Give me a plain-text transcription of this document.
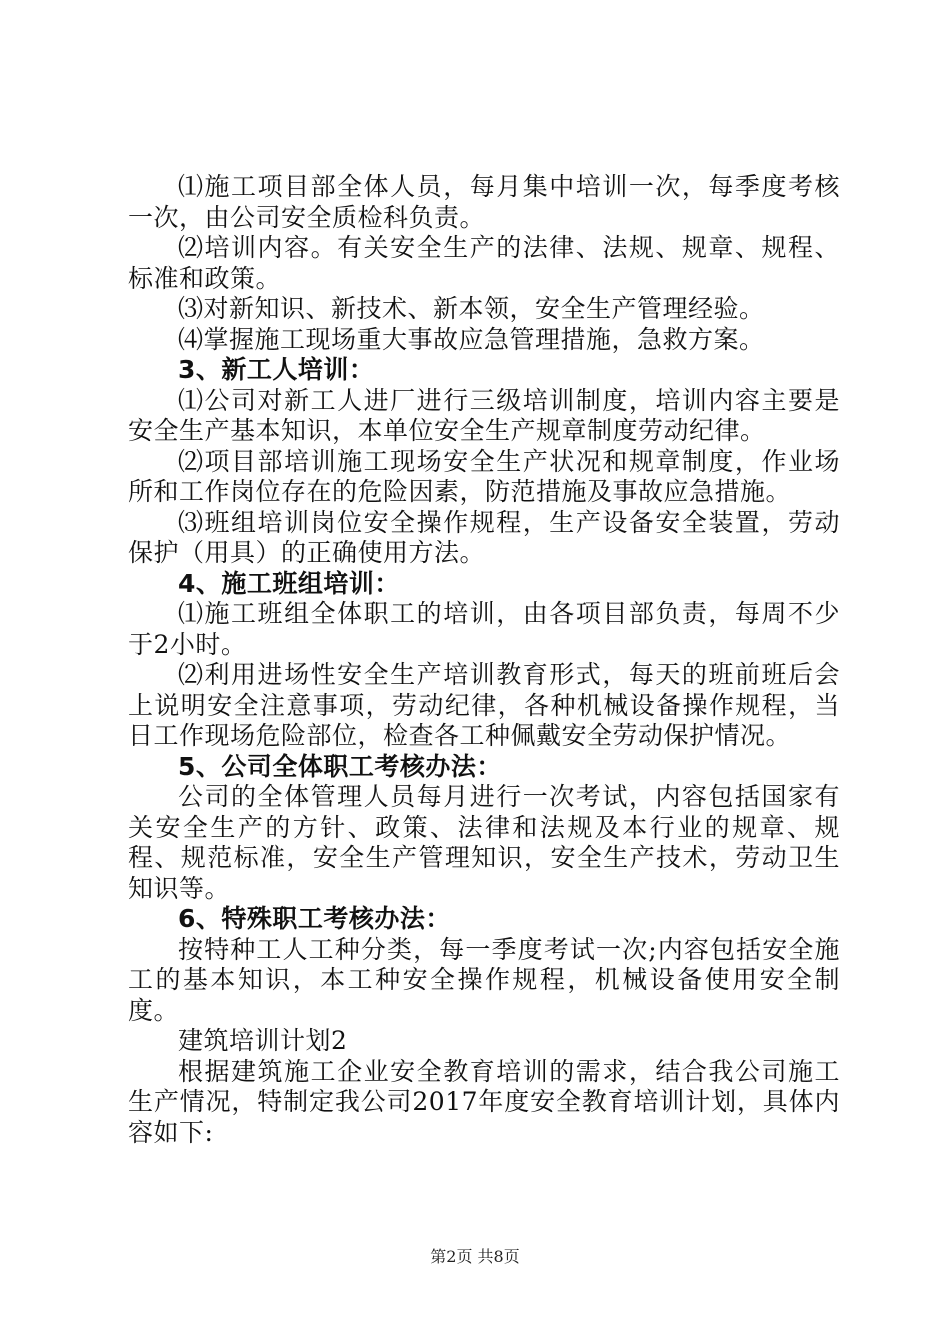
⑴施工项目部全体人员，每月集中培训一次，每季度考核一次，由公司安全质检科负责。

⑵培训内容。有关安全生产的法律、法规、规章、规程、标准和政策。

⑶对新知识、新技术、新本领，安全生产管理经验。

⑷掌握施工现场重大事故应急管理措施，急救方案。

3、新工人培训：

⑴公司对新工人进厂进行三级培训制度，培训内容主要是安全生产基本知识，本单位安全生产规章制度劳动纪律。

⑵项目部培训施工现场安全生产状况和规章制度，作业场所和工作岗位存在的危险因素，防范措施及事故应急措施。

⑶班组培训岗位安全操作规程，生产设备安全装置，劳动保护（用具）的正确使用方法。

4、施工班组培训：

⑴施工班组全体职工的培训，由各项目部负责，每周不少于2小时。

⑵利用进场性安全生产培训教育形式，每天的班前班后会上说明安全注意事项，劳动纪律，各种机械设备操作规程，当日工作现场危险部位，检查各工种佩戴安全劳动保护情况。

5、公司全体职工考核办法：

公司的全体管理人员每月进行一次考试，内容包括国家有关安全生产的方针、政策、法律和法规及本行业的规章、规程、规范标准，安全生产管理知识，安全生产技术，劳动卫生知识等。

6、特殊职工考核办法：

按特种工人工种分类，每一季度考试一次;内容包括安全施工的基本知识，本工种安全操作规程，机械设备使用安全制度。

建筑培训计划2

根据建筑施工企业安全教育培训的需求，结合我公司施工生产情况，特制定我公司2017年度安全教育培训计划，具体内容如下:

第2页 共8页
